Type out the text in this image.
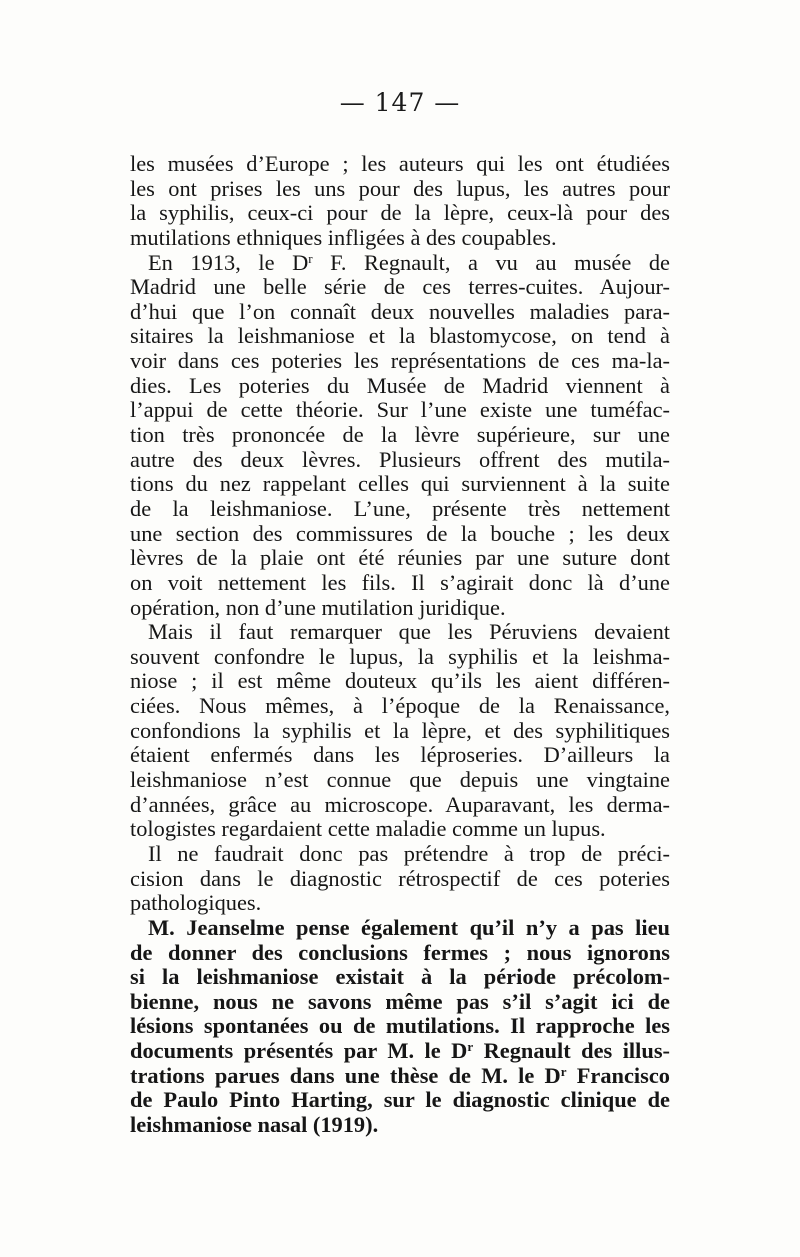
— 147 —
les musées d’Europe ; les auteurs qui les ont étudiées
les ont prises les uns pour des lupus, les autres pour
la syphilis, ceux-ci pour de la lèpre, ceux-là pour des
mutilations ethniques infligées à des coupables.
En 1913, le $D^r$ F. Regnault, a vu au musée de
Madrid une belle série de ces terres-cuites. Aujour-
d’hui que l’on connaît deux nouvelles maladies para-
sitaires la leishmaniose et la blastomycose, on tend à
voir dans ces poteries les représentations de ces ma-la-
dies. Les poteries du Musée de Madrid viennent à
l’appui de cette théorie. Sur l’une existe une tuméfac-
tion très prononcée de la lèvre supérieure, sur une
autre des deux lèvres. Plusieurs offrent des mutila-
tions du nez rappelant celles qui surviennent à la suite
de la leishmaniose. L’une, présente très nettement
une section des commissures de la bouche ; les deux
lèvres de la plaie ont été réunies par une suture dont
on voit nettement les fils. Il s’agirait donc là d’une
opération, non d’une mutilation juridique.
Mais il faut remarquer que les Péruviens devaient
souvent confondre le lupus, la syphilis et la leishma-
niose ; il est même douteux qu’ils les aient différen-
ciées. Nous mêmes, à l’époque de la Renaissance,
confondions la syphilis et la lèpre, et des syphilitiques
étaient enfermés dans les léproseries. D’ailleurs la
leishmaniose n’est connue que depuis une vingtaine
d’années, grâce au microscope. Auparavant, les derma-
tologistes regardaient cette maladie comme un lupus.
Il ne faudrait donc pas prétendre à trop de préci-
cision dans le diagnostic rétrospectif de ces poteries
pathologiques.
M. Jeanselme pense également qu’il n’y a pas lieu
de donner des conclusions fermes ; nous ignorons
si la leishmaniose existait à la période précolom-
bienne, nous ne savons même pas s’il s’agit ici de
lésions spontanées ou de mutilations. Il rapproche les
documents présentés par M. le $D^r$ Regnault des illus-
trations parues dans une thèse de M. le $D^r$ Francisco
de Paulo Pinto Harting, sur le diagnostic clinique de
leishmaniose nasal (1919).
